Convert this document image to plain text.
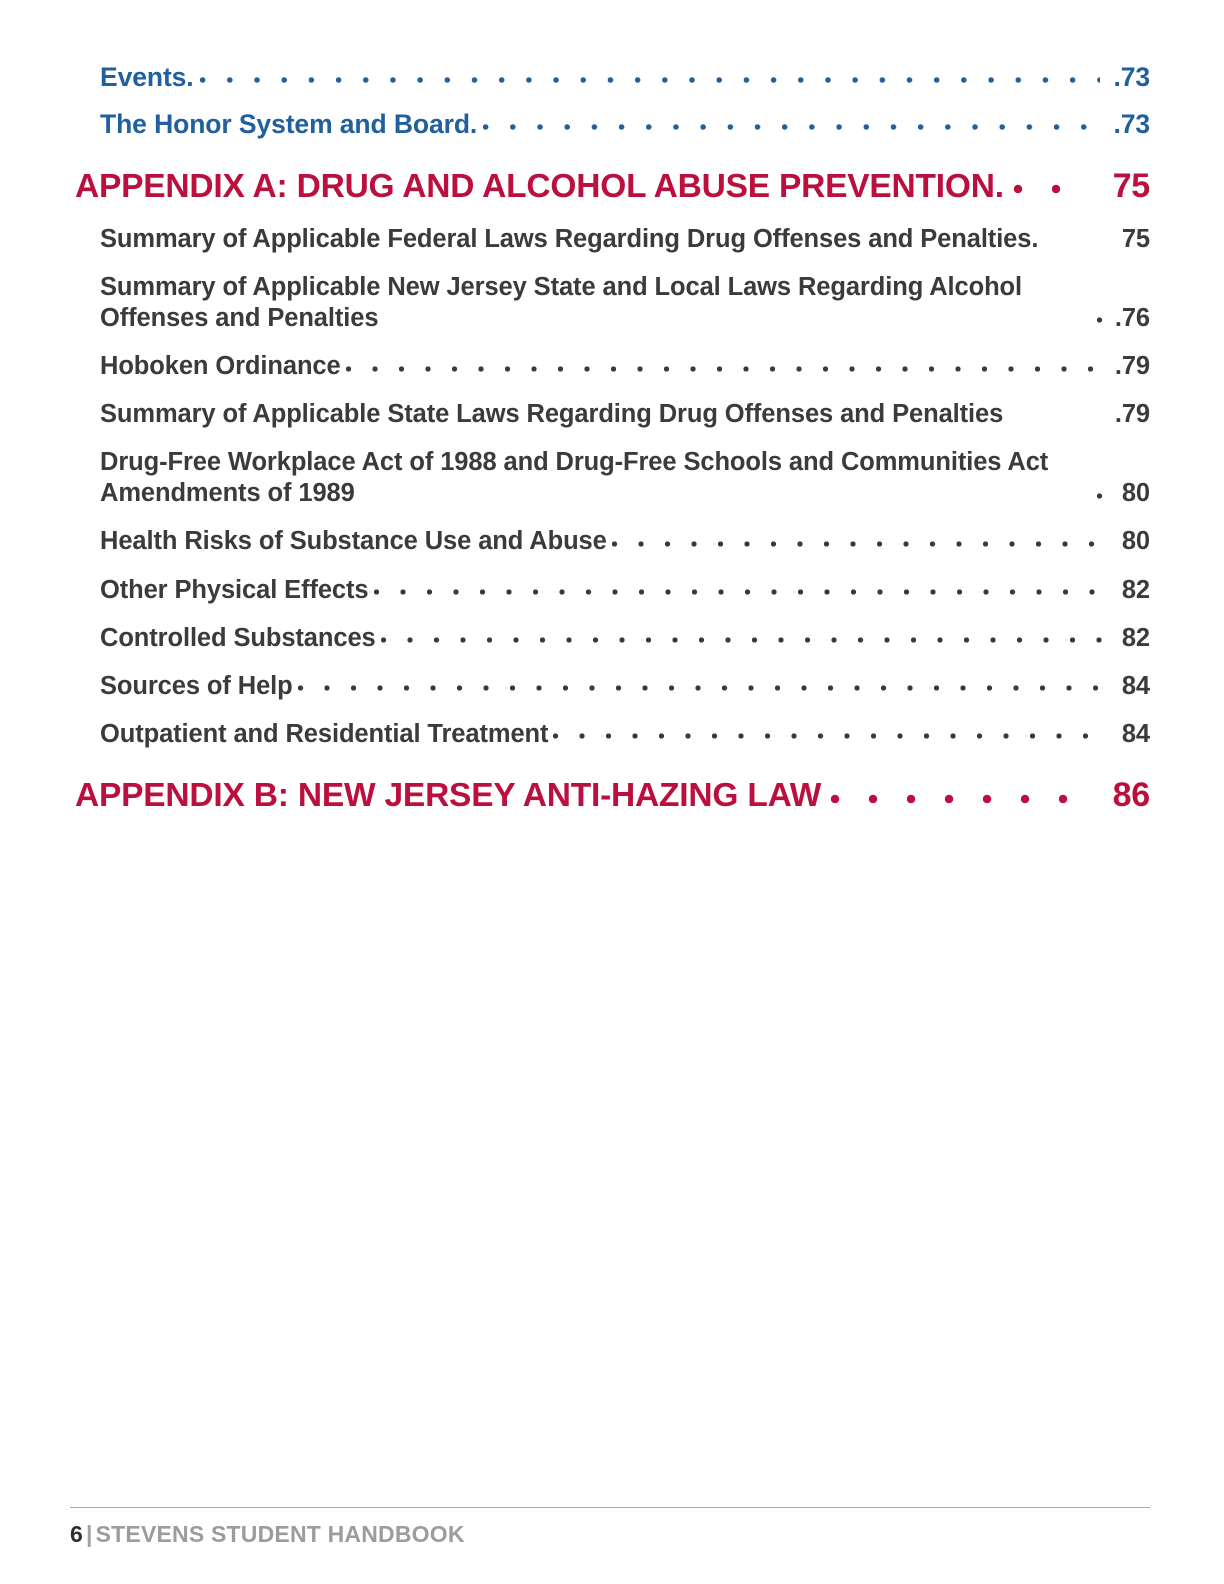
Events.	.73
The Honor System and Board.	.73
APPENDIX A: DRUG AND ALCOHOL ABUSE PREVENTION.	75
Summary of Applicable Federal Laws Regarding Drug Offenses and Penalties.	75
Summary of Applicable New Jersey State and Local Laws Regarding Alcohol
Offenses and Penalties	.76
Hoboken Ordinance	.79
Summary of Applicable State Laws Regarding Drug Offenses and Penalties	.79
Drug-Free Workplace Act of 1988 and Drug-Free Schools and Communities Act
Amendments of 1989	80
Health Risks of Substance Use and Abuse	80
Other Physical Effects	82
Controlled Substances	82
Sources of Help	84
Outpatient and Residential Treatment	84
APPENDIX B: NEW JERSEY ANTI-HAZING LAW	86
6 | STEVENS STUDENT HANDBOOK
